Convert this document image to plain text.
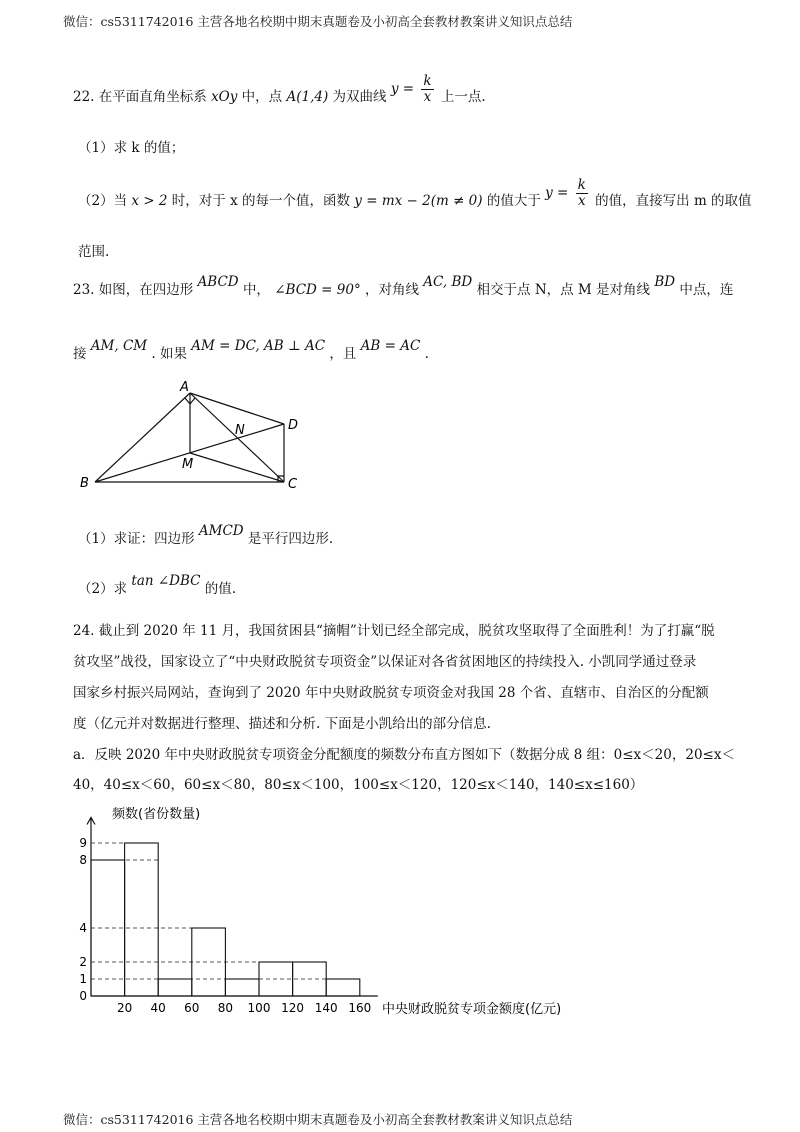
微信：cs5311742016 主营各地名校期中期末真题卷及小初高全套教材教案讲义知识点总结
22. 在平面直角坐标系 xOy 中，点 A(1,4) 为双曲线 $y = \frac{k}{x}$ 上一点.
（1）求 k 的值；
（2）当 x > 2 时，对于 x 的每一个值，函数 y = mx − 2(m ≠ 0) 的值大于 $y = \frac{k}{x}$ 的值，直接写出 m 的取值
范围.
23. 如图，在四边形 ABCD 中， ∠BCD = 90° ，对角线 AC, BD 相交于点 N，点 M 是对角线 BD 中点，连
接 AM, CM . 如果 AM = DC, AB ⊥ AC ，且 AB = AC .
A
B	C
D
M
N
（1）求证：四边形 AMCD 是平行四边形.
（2）求 tan ∠DBC 的值.
24. 截止到 2020 年 11 月，我国贫困县“摘帽”计划已经全部完成，脱贫攻坚取得了全面胜利！为了打赢“脱
贫攻坚”战役，国家设立了“中央财政脱贫专项资金”以保证对各省贫困地区的持续投入. 小凯同学通过登录
国家乡村振兴局网站，查询到了 2020 年中央财政脱贫专项资金对我国 28 个省、直辖市、自治区的分配额
度（亿元并对数据进行整理、描述和分析. 下面是小凯给出的部分信息.
a．反映 2020 年中央财政脱贫专项资金分配额度的频数分布直方图如下（数据分成 8 组：0≤x＜20，20≤x＜
40，40≤x＜60，60≤x＜80，80≤x＜100，100≤x＜120，120≤x＜140，140≤x≤160）
20 40 60 80 100 120 140 160
0
1
2
4
8
9
频数(省份数量)
中央财政脱贫专项金额度(亿元)
微信：cs5311742016 主营各地名校期中期末真题卷及小初高全套教材教案讲义知识点总结
